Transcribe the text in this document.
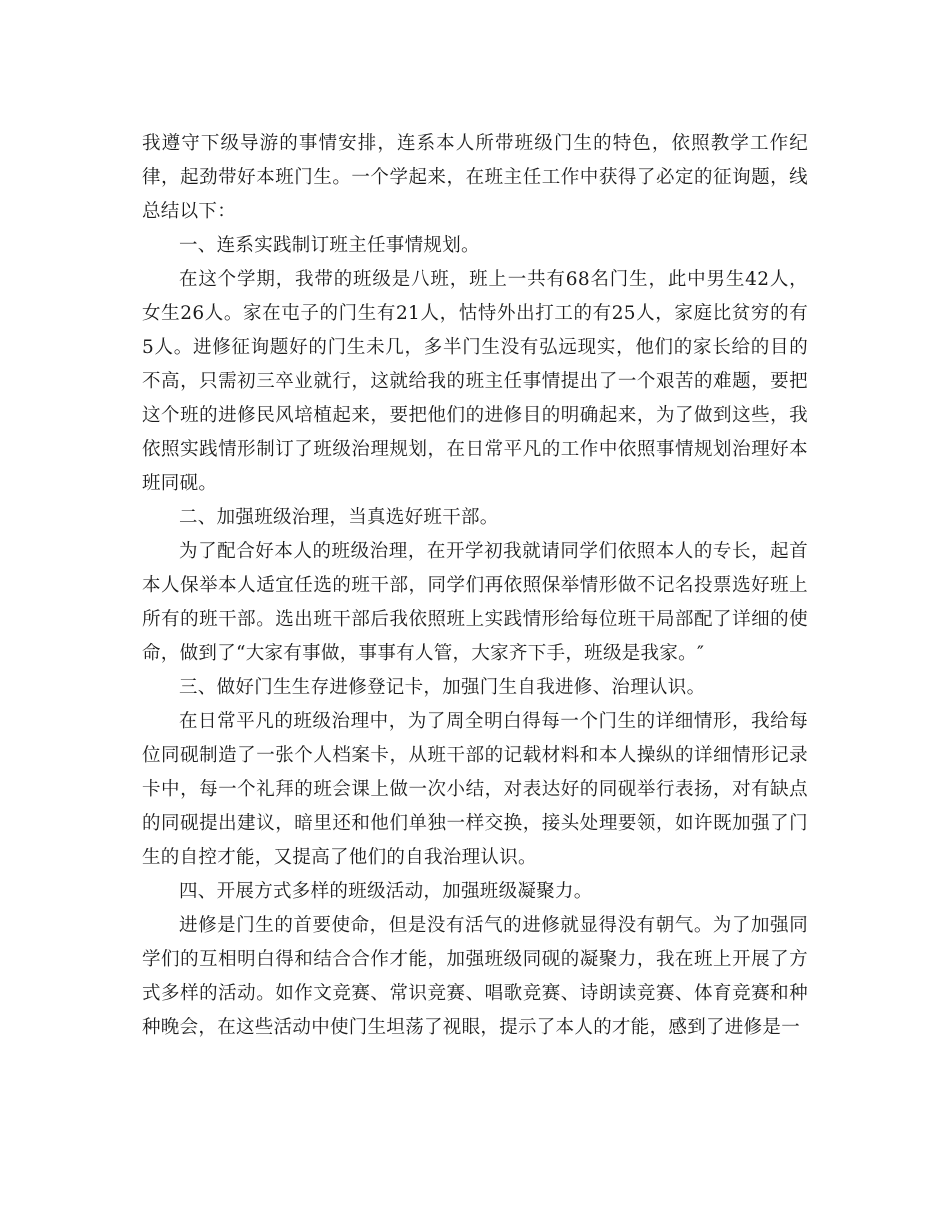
我遵守下级导游的事情安排，连系本人所带班级门生的特色，依照教学工作纪律，起劲带好本班门生。一个学起来，在班主任工作中获得了必定的征询题，线总结以下：

一、连系实践制订班主任事情规划。

在这个学期，我带的班级是八班，班上一共有68名门生，此中男生42人，女生26人。家在屯子的门生有21人，怙恃外出打工的有25人，家庭比贫穷的有5人。进修征询题好的门生未几，多半门生没有弘远现实，他们的家长给的目的不高，只需初三卒业就行，这就给我的班主任事情提出了一个艰苦的难题，要把这个班的进修民风培植起来，要把他们的进修目的明确起来，为了做到这些，我依照实践情形制订了班级治理规划，在日常平凡的工作中依照事情规划治理好本班同砚。

二、加强班级治理，当真选好班干部。

为了配合好本人的班级治理，在开学初我就请同学们依照本人的专长，起首本人保举本人适宜任选的班干部，同学们再依照保举情形做不记名投票选好班上所有的班干部。选出班干部后我依照班上实践情形给每位班干局部配了详细的使命，做到了“大家有事做，事事有人管，大家齐下手，班级是我家。″

三、做好门生生存进修登记卡，加强门生自我进修、治理认识。

在日常平凡的班级治理中，为了周全明白得每一个门生的详细情形，我给每位同砚制造了一张个人档案卡，从班干部的记载材料和本人操纵的详细情形记录卡中，每一个礼拜的班会课上做一次小结，对表达好的同砚举行表扬，对有缺点的同砚提出建议，暗里还和他们单独一样交换，接头处理要领，如许既加强了门生的自控才能，又提高了他们的自我治理认识。

四、开展方式多样的班级活动，加强班级凝聚力。

进修是门生的首要使命，但是没有活气的进修就显得没有朝气。为了加强同学们的互相明白得和结合合作才能，加强班级同砚的凝聚力，我在班上开展了方式多样的活动。如作文竞赛、常识竞赛、唱歌竞赛、诗朗读竞赛、体育竞赛和种种晚会，在这些活动中使门生坦荡了视眼，提示了本人的才能，感到了进修是一
